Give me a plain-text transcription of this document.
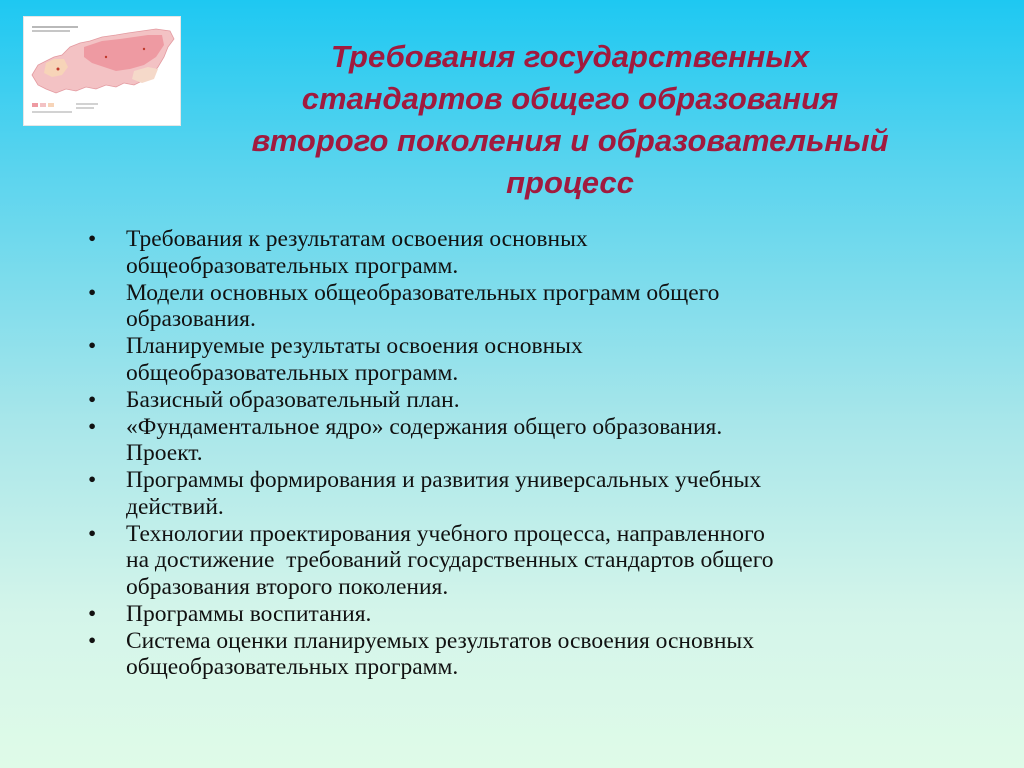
Требования государственных
стандартов общего образования
второго поколения и образовательный
процесс
• Требования к результатам освоения основных
общеобразовательных программ.
• Модели основных общеобразовательных программ общего
образования.
• Планируемые результаты освоения основных
общеобразовательных программ.
• Базисный образовательный план.
• «Фундаментальное ядро» содержания общего образования.
Проект.
• Программы формирования и развития универсальных учебных
действий.
• Технологии проектирования учебного процесса, направленного
на достижение  требований государственных стандартов общего
образования второго поколения.
• Программы воспитания.
• Система оценки планируемых результатов освоения основных
общеобразовательных программ.
